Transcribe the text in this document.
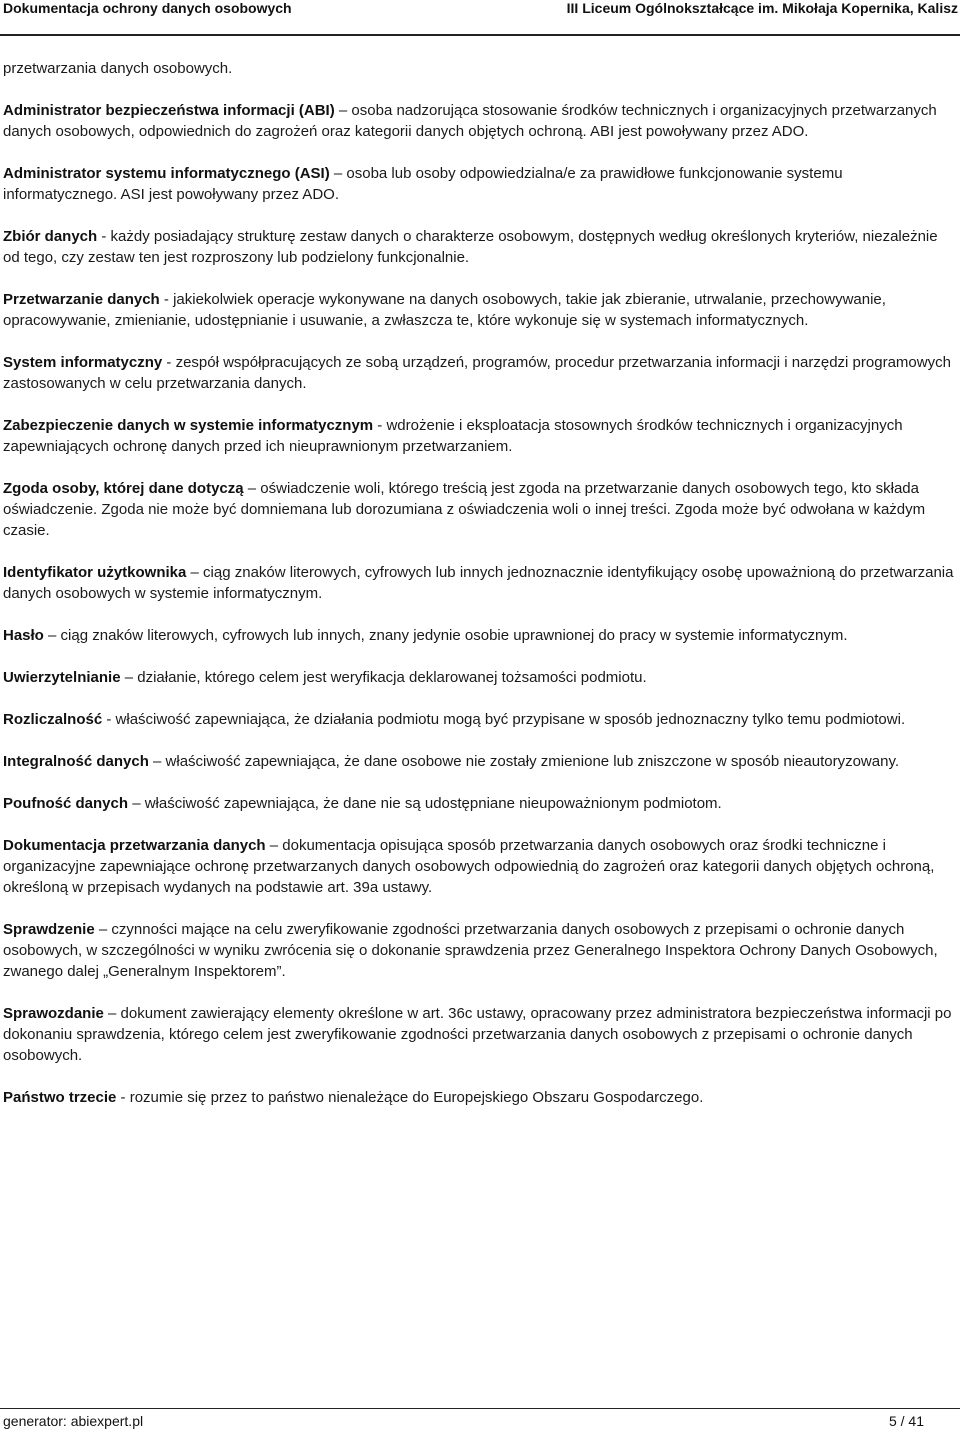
Dokumentacja ochrony danych osobowych	III Liceum Ogólnokształcące im. Mikołaja Kopernika, Kalisz

przetwarzania danych osobowych.

Administrator bezpieczeństwa informacji (ABI) – osoba nadzorująca stosowanie środków technicznych i organizacyjnych przetwarzanych danych osobowych, odpowiednich do zagrożeń oraz kategorii danych objętych ochroną. ABI jest powoływany przez ADO.

Administrator systemu informatycznego (ASI) – osoba lub osoby odpowiedzialna/e za prawidłowe funkcjonowanie systemu informatycznego. ASI jest powoływany przez ADO.

Zbiór danych - każdy posiadający strukturę zestaw danych o charakterze osobowym, dostępnych według określonych kryteriów, niezależnie od tego, czy zestaw ten jest rozproszony lub podzielony funkcjonalnie.

Przetwarzanie danych - jakiekolwiek operacje wykonywane na danych osobowych, takie jak zbieranie, utrwalanie, przechowywanie, opracowywanie, zmienianie, udostępnianie i usuwanie, a zwłaszcza te, które wykonuje się w systemach informatycznych.

System informatyczny - zespół współpracujących ze sobą urządzeń, programów, procedur przetwarzania informacji i narzędzi programowych zastosowanych w celu przetwarzania danych.

Zabezpieczenie danych w systemie informatycznym - wdrożenie i eksploatacja stosownych środków technicznych i organizacyjnych zapewniających ochronę danych przed ich nieuprawnionym przetwarzaniem.

Zgoda osoby, której dane dotyczą – oświadczenie woli, którego treścią jest zgoda na przetwarzanie danych osobowych tego, kto składa oświadczenie. Zgoda nie może być domniemana lub dorozumiana z oświadczenia woli o innej treści. Zgoda może być odwołana w każdym czasie.

Identyfikator użytkownika – ciąg znaków literowych, cyfrowych lub innych jednoznacznie identyfikujący osobę upoważnioną do przetwarzania danych osobowych w systemie informatycznym.

Hasło – ciąg znaków literowych, cyfrowych lub innych, znany jedynie osobie uprawnionej do pracy w systemie informatycznym.

Uwierzytelnianie – działanie, którego celem jest weryfikacja deklarowanej tożsamości podmiotu.

Rozliczalność - właściwość zapewniająca, że działania podmiotu mogą być przypisane w sposób jednoznaczny tylko temu podmiotowi.

Integralność danych – właściwość zapewniająca, że dane osobowe nie zostały zmienione lub zniszczone w sposób nieautoryzowany.

Poufność danych – właściwość zapewniająca, że dane nie są udostępniane nieupoważnionym podmiotom.

Dokumentacja przetwarzania danych – dokumentacja opisująca sposób przetwarzania danych osobowych oraz środki techniczne i organizacyjne zapewniające ochronę przetwarzanych danych osobowych odpowiednią do zagrożeń oraz kategorii danych objętych ochroną, określoną w przepisach wydanych na podstawie art. 39a ustawy.

Sprawdzenie – czynności mające na celu zweryfikowanie zgodności przetwarzania danych osobowych z przepisami o ochronie danych osobowych, w szczególności w wyniku zwrócenia się o dokonanie sprawdzenia przez Generalnego Inspektora Ochrony Danych Osobowych, zwanego dalej „Generalnym Inspektorem”.

Sprawozdanie – dokument zawierający elementy określone w art. 36c ustawy, opracowany przez administratora bezpieczeństwa informacji po dokonaniu sprawdzenia, którego celem jest zweryfikowanie zgodności przetwarzania danych osobowych z przepisami o ochronie danych osobowych.

Państwo trzecie - rozumie się przez to państwo nienależące do Europejskiego Obszaru Gospodarczego.

generator: abiexpert.pl	5 / 41
